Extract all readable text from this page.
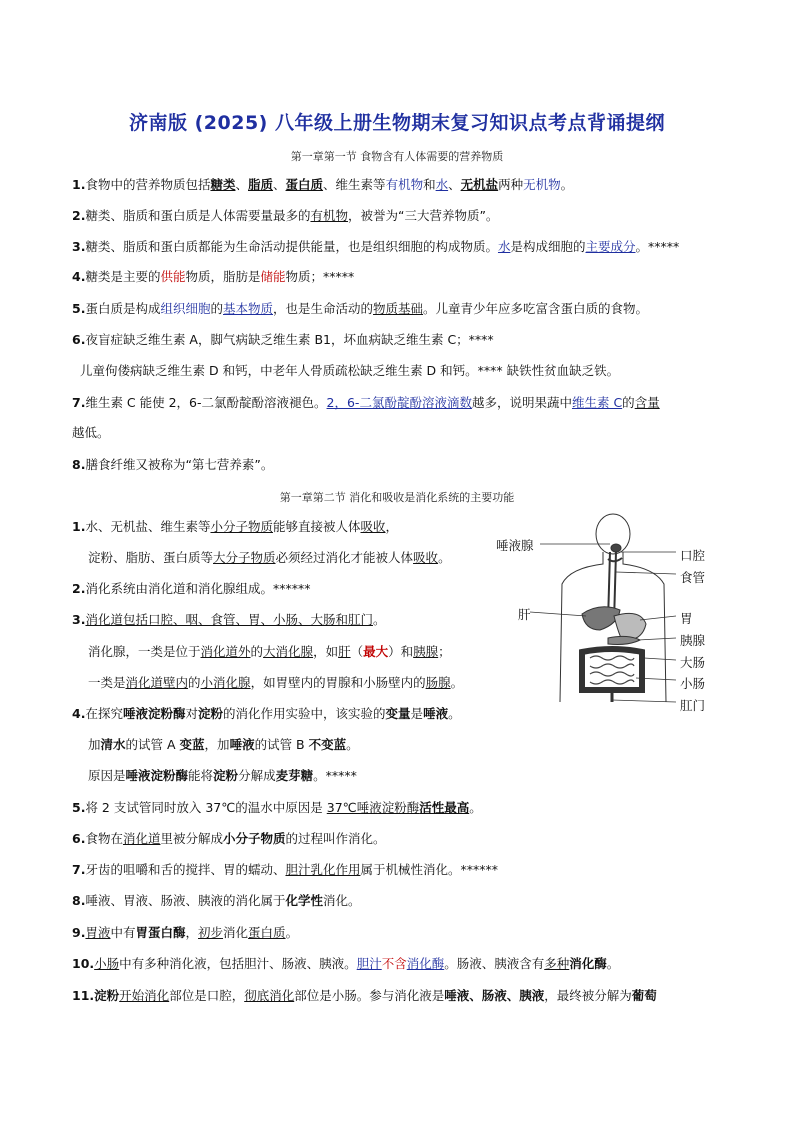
济南版 (2025) 八年级上册生物期末复习知识点考点背诵提纲
第一章第一节 食物含有人体需要的营养物质
1.食物中的营养物质包括糖类、脂质、蛋白质、维生素等有机物和水、无机盐两种无机物。
2.糖类、脂质和蛋白质是人体需要量最多的有机物，被誉为“三大营养物质”。
3.糖类、脂质和蛋白质都能为生命活动提供能量，也是组织细胞的构成物质。水是构成细胞的主要成分。*****
4.糖类是主要的供能物质，脂肪是储能物质；*****
5.蛋白质是构成组织细胞的基本物质，也是生命活动的物质基础。儿童青少年应多吃富含蛋白质的食物。
6.夜盲症缺乏维生素 A，脚气病缺乏维生素 B1，坏血病缺乏维生素 C；****
儿童佝偻病缺乏维生素 D 和钙，中老年人骨质疏松缺乏维生素 D 和钙。**** 缺铁性贫血缺乏铁。
7.维生素 C 能使 2，6-二氯酚靛酚溶液褪色。2，6-二氯酚靛酚溶液滴数越多，说明果蔬中维生素 C的含量
越低。
8.膳食纤维又被称为“第七营养素”。
第一章第二节 消化和吸收是消化系统的主要功能
1.水、无机盐、维生素等小分子物质能够直接被人体吸收，
淀粉、脂肪、蛋白质等大分子物质必须经过消化才能被人体吸收。
2.消化系统由消化道和消化腺组成。******
3.消化道包括口腔、咽、食管、胃、小肠、大肠和肛门。
消化腺，一类是位于消化道外的大消化腺，如肝（最大）和胰腺；
一类是消化道壁内的小消化腺，如胃壁内的胃腺和小肠壁内的肠腺。
4.在探究唾液淀粉酶对淀粉的消化作用实验中，该实验的变量是唾液。
加清水的试管 A 变蓝，加唾液的试管 B 不变蓝。
原因是唾液淀粉酶能将淀粉分解成麦芽糖。*****
5.将 2 支试管同时放入 37℃的温水中原因是 37℃唾液淀粉酶活性最高。
6.食物在消化道里被分解成小分子物质的过程叫作消化。
7.牙齿的咀嚼和舌的搅拌、胃的蠕动、胆汁乳化作用属于机械性消化。******
8.唾液、胃液、肠液、胰液的消化属于化学性消化。
9.胃液中有胃蛋白酶，初步消化蛋白质。
10.小肠中有多种消化液，包括胆汁、肠液、胰液。胆汁不含消化酶。肠液、胰液含有多种消化酶。
11.淀粉开始消化部位是口腔，彻底消化部位是小肠。参与消化液是唾液、肠液、胰液，最终被分解为葡萄
唾液腺
口腔
食管
肝	胃
胰腺
大肠
小肠
肛门
